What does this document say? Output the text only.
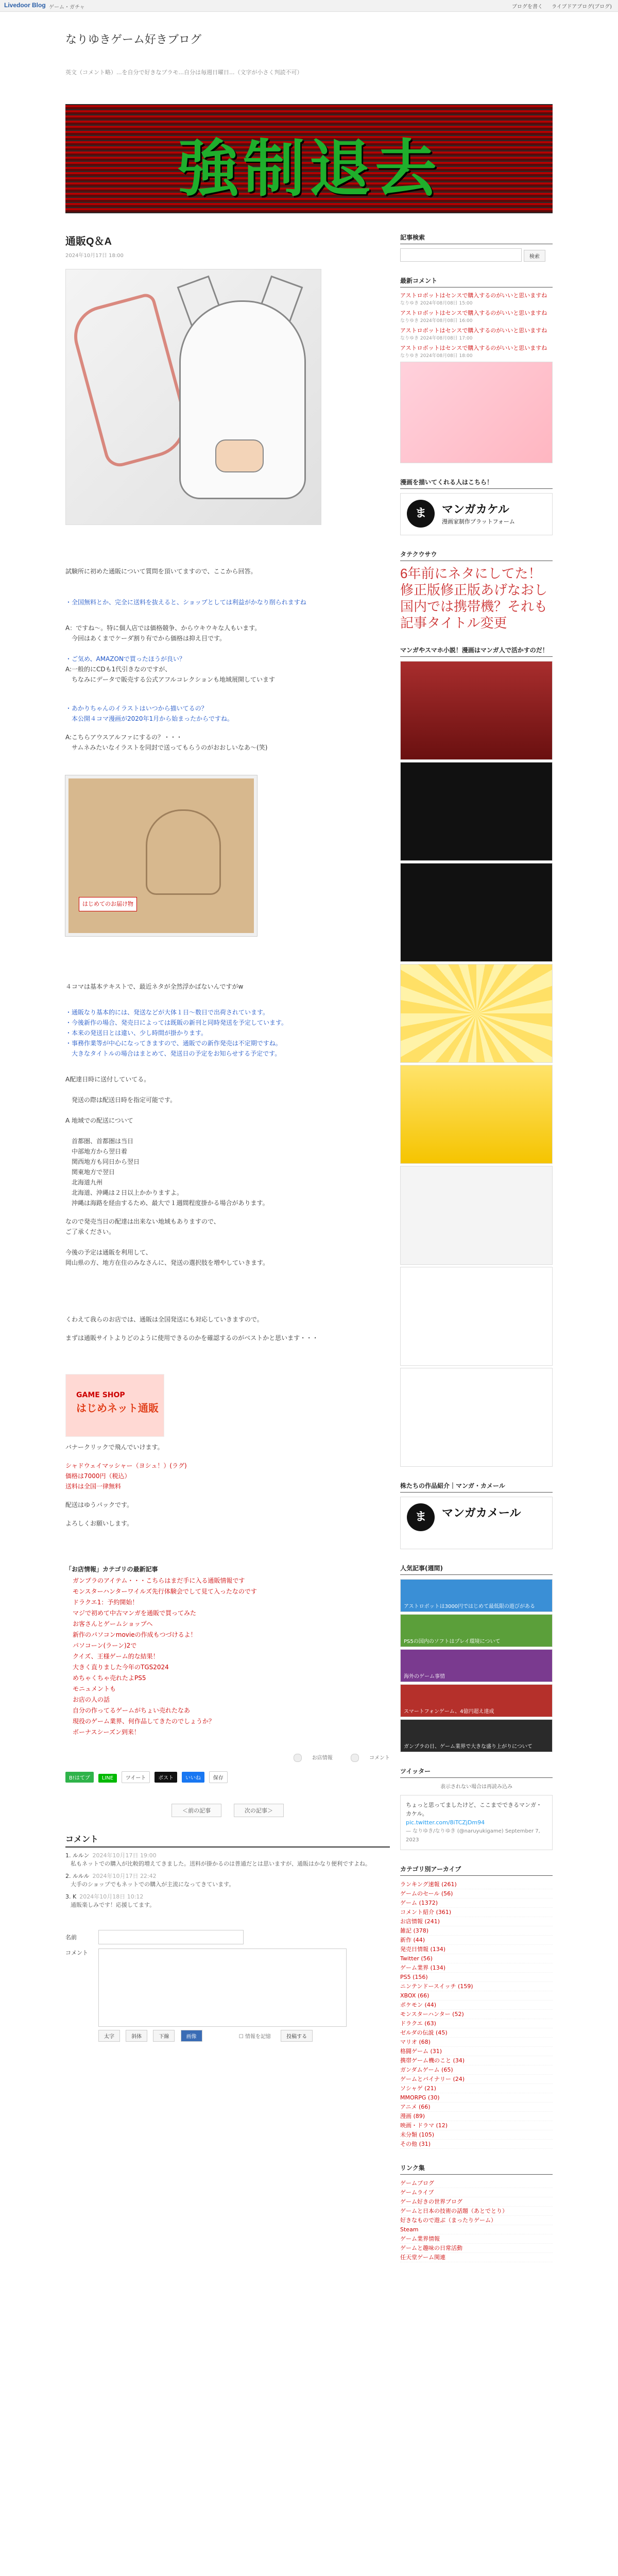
Livedoor Blog ゲーム・ガチャ	ブログを書く ライブドアブログ(ブログ)
なりゆきゲーム好きブログ
英文（コメント略）...を自分で好きなプラモ...自分は毎週日曜日...（文字が小さく判読不可）
強制退去
通販Q＆A
2024年10月17日 18:00
試験所に初めた通販について質問を頂いてますので、ここから回答。
・全国無料とか、完全に送料を抜えると、ショップとしては利益がかなり削られますね
A：ですね～。特に個人店では価格競争、からウキウキな人もいます。
　今回はあくまでケーダ割り有でから価格は抑え目です。
・ご気め、AMAZONで買ったほうが良い？
A:一般的にCDも1代引きなのですが、
　ちなみにデータで販売する公式アフルコレクションも地域展開しています
・あかりちゃんのイラストはいつから描いてるの？
　本公開４コマ漫画が2020年1月から始まったからですね。
A:こちらアウスアルファにするの？・・・
　サムネみたいなイラストを同封で送ってもらうのがおおしいなあ～(笑)
はじめてのお届け物
４コマは基本テキストで、最近ネタが全然浮かばないんですがw
・通販なり基本的には、発送などが大体１日〜数日で出荷されています。
・今後新作の場合、発売日によっては既販の新刊と同時発送を予定しています。
・本来の発送日とは違い、少し時間が掛かります。
・事務作業等が中心になってきますので、通販での新作発売は不定期ですね。
　大きなタイトルの場合はまとめて、発送日の予定をお知らせする予定です。
A配達日時に送付していてる。
　発送の際は配送日時を指定可能です。
A 地域での配送について
　首都圏、首都圏は当日
　中部地方から翌日着
　関西地方も同日から翌日
　関東地方で翌日
　北海道九州
　北海道、沖縄は２日以上かかりますよ。
　沖縄は海路を経由するため、最大で１週間程度掛かる場合があります。
なので発売当日の配達は出来ない地域もありますので、
ご了承ください。
今後の予定は通販を利用して、
岡山県の方、地方在住のみなさんに、発送の選択肢を増やしていきます。
くわえて我らのお店では、通販は全国発送にも対応していきますので。
まずは通販サイトよりどのように使用できるのかを確認するのがベストかと思います・・・
GAME SHOP
はじめネット通販
バナークリックで飛んでいけます。
シャドウェイマッシャー（ヨシュ！）(ラグ)
価格は7000円（税込）
送料は全国一律無料
配送はゆうパックです。
よろしくお願いします。
「お店情報」カテゴリの最新記事
ガンプラのアイテム・・・こちらはまだ手に入る通販情報です
モンスターハンターワイルズ先行体験会でして見て入ったなのです
ドラクエ1：予約開始！
マジで初めて中古マンガを通販で買ってみた
お客さんとゲームショップへ
新作のパソコンmovieの作成もつづけるよ！
パソコーン(ラーン)2で
クイズ、王様ゲーム的な結果！
大きく直りました今年のTGS2024
めちゃくちゃ売れたよPS5
モニュメントも
お店の人の話
自分の作ってるゲームがちょい売れたなあ
現役のゲーム業界、何作品してきたのでしょうか？
ボーナスシーズン到来！
お店情報	コメント
B!はてブ LINE ツイート ポスト いいね 保存
＜前の記事	次の記事＞
コメント
1. ルルン 2024年10月17日 19:00
私もネットでの購入が比較的増えてきました。送料が掛かるのは普通だとは思いますが、通販はかなり便利ですよね。
2. ルルル 2024年10月17日 22:42
大手のショップでもネットでの購入が主流になってきています。
3. K 2024年10月18日 10:12
通販楽しみです！応援してます。
名前
コメント
太字	斜体	下線	画像	☐ 情報を記憶	投稿する
記事検索
検索
最新コメント
アストロボットはセンスで購入するのがいいと思いますね
なりゆき 2024年08月08日 15:00
アストロボットはセンスで購入するのがいいと思いますね
なりゆき 2024年08月08日 16:00
アストロボットはセンスで購入するのがいいと思いますね
なりゆき 2024年08月08日 17:00
アストロボットはセンスで購入するのがいいと思いますね
なりゆき 2024年08月08日 18:00
漫画を描いてくれる人はこちら！
ま	マンガカケル
漫画家制作プラットフォーム
タテクウサウ
6年前にネタにしてた！修正版修正版あげなおし国内では携帯機？それも記事タイトル変更
マンガやスマホ小説！漫画はマンガ人で活かすのだ！
株たちの作品紹介｜マンガ・カメール
ま	マンガカメール
人気記事(週間)
アストロボットは3000円ではじめて最低限の遊びがある
PS5の国内のソフトはプレイ環境について
海外のゲーム事情
スマートフォンゲーム、4億円超え達成
ガンプラの日、ゲーム業界で大きな盛り上がりについて
ツイッター
表示されない場合は再読み込み
ちょっと思ってましたけど、ここまでできるマンガ・カケル。
pic.twitter.com/8iTCZjDm94
— なりゆき/なりゆき (@naruyukigame) September 7, 2023
カテゴリ別アーカイブ
ランキング速報 (261)
ゲームのセール (56)
ゲーム (1372)
コメント紹介 (361)
お店情報 (241)
雑記 (378)
新作 (44)
発売日情報 (134)
Twitter (56)
ゲーム業界 (134)
PS5 (156)
ニンテンドースイッチ (159)
XBOX (66)
ポケモン (44)
モンスターハンター (52)
ドラクエ (63)
ゼルダの伝説 (45)
マリオ (68)
格闘ゲーム (31)
携帯ゲーム機のこと (34)
ガンダムゲーム (65)
ゲームとバイナリー (24)
ソシャゲ (21)
MMORPG (30)
アニメ (66)
漫画 (89)
映画・ドラマ (12)
未分類 (105)
その他 (31)
リンク集
ゲームブログ
ゲームライブ
ゲーム好きの世界ブログ
ゲームと日本の技術の話題（あとでとり）
好きなもので遊ぶ（まったりゲーム）
Steam
ゲーム業界情報
ゲームと趣味の日常活動
任天堂ゲーム関連
